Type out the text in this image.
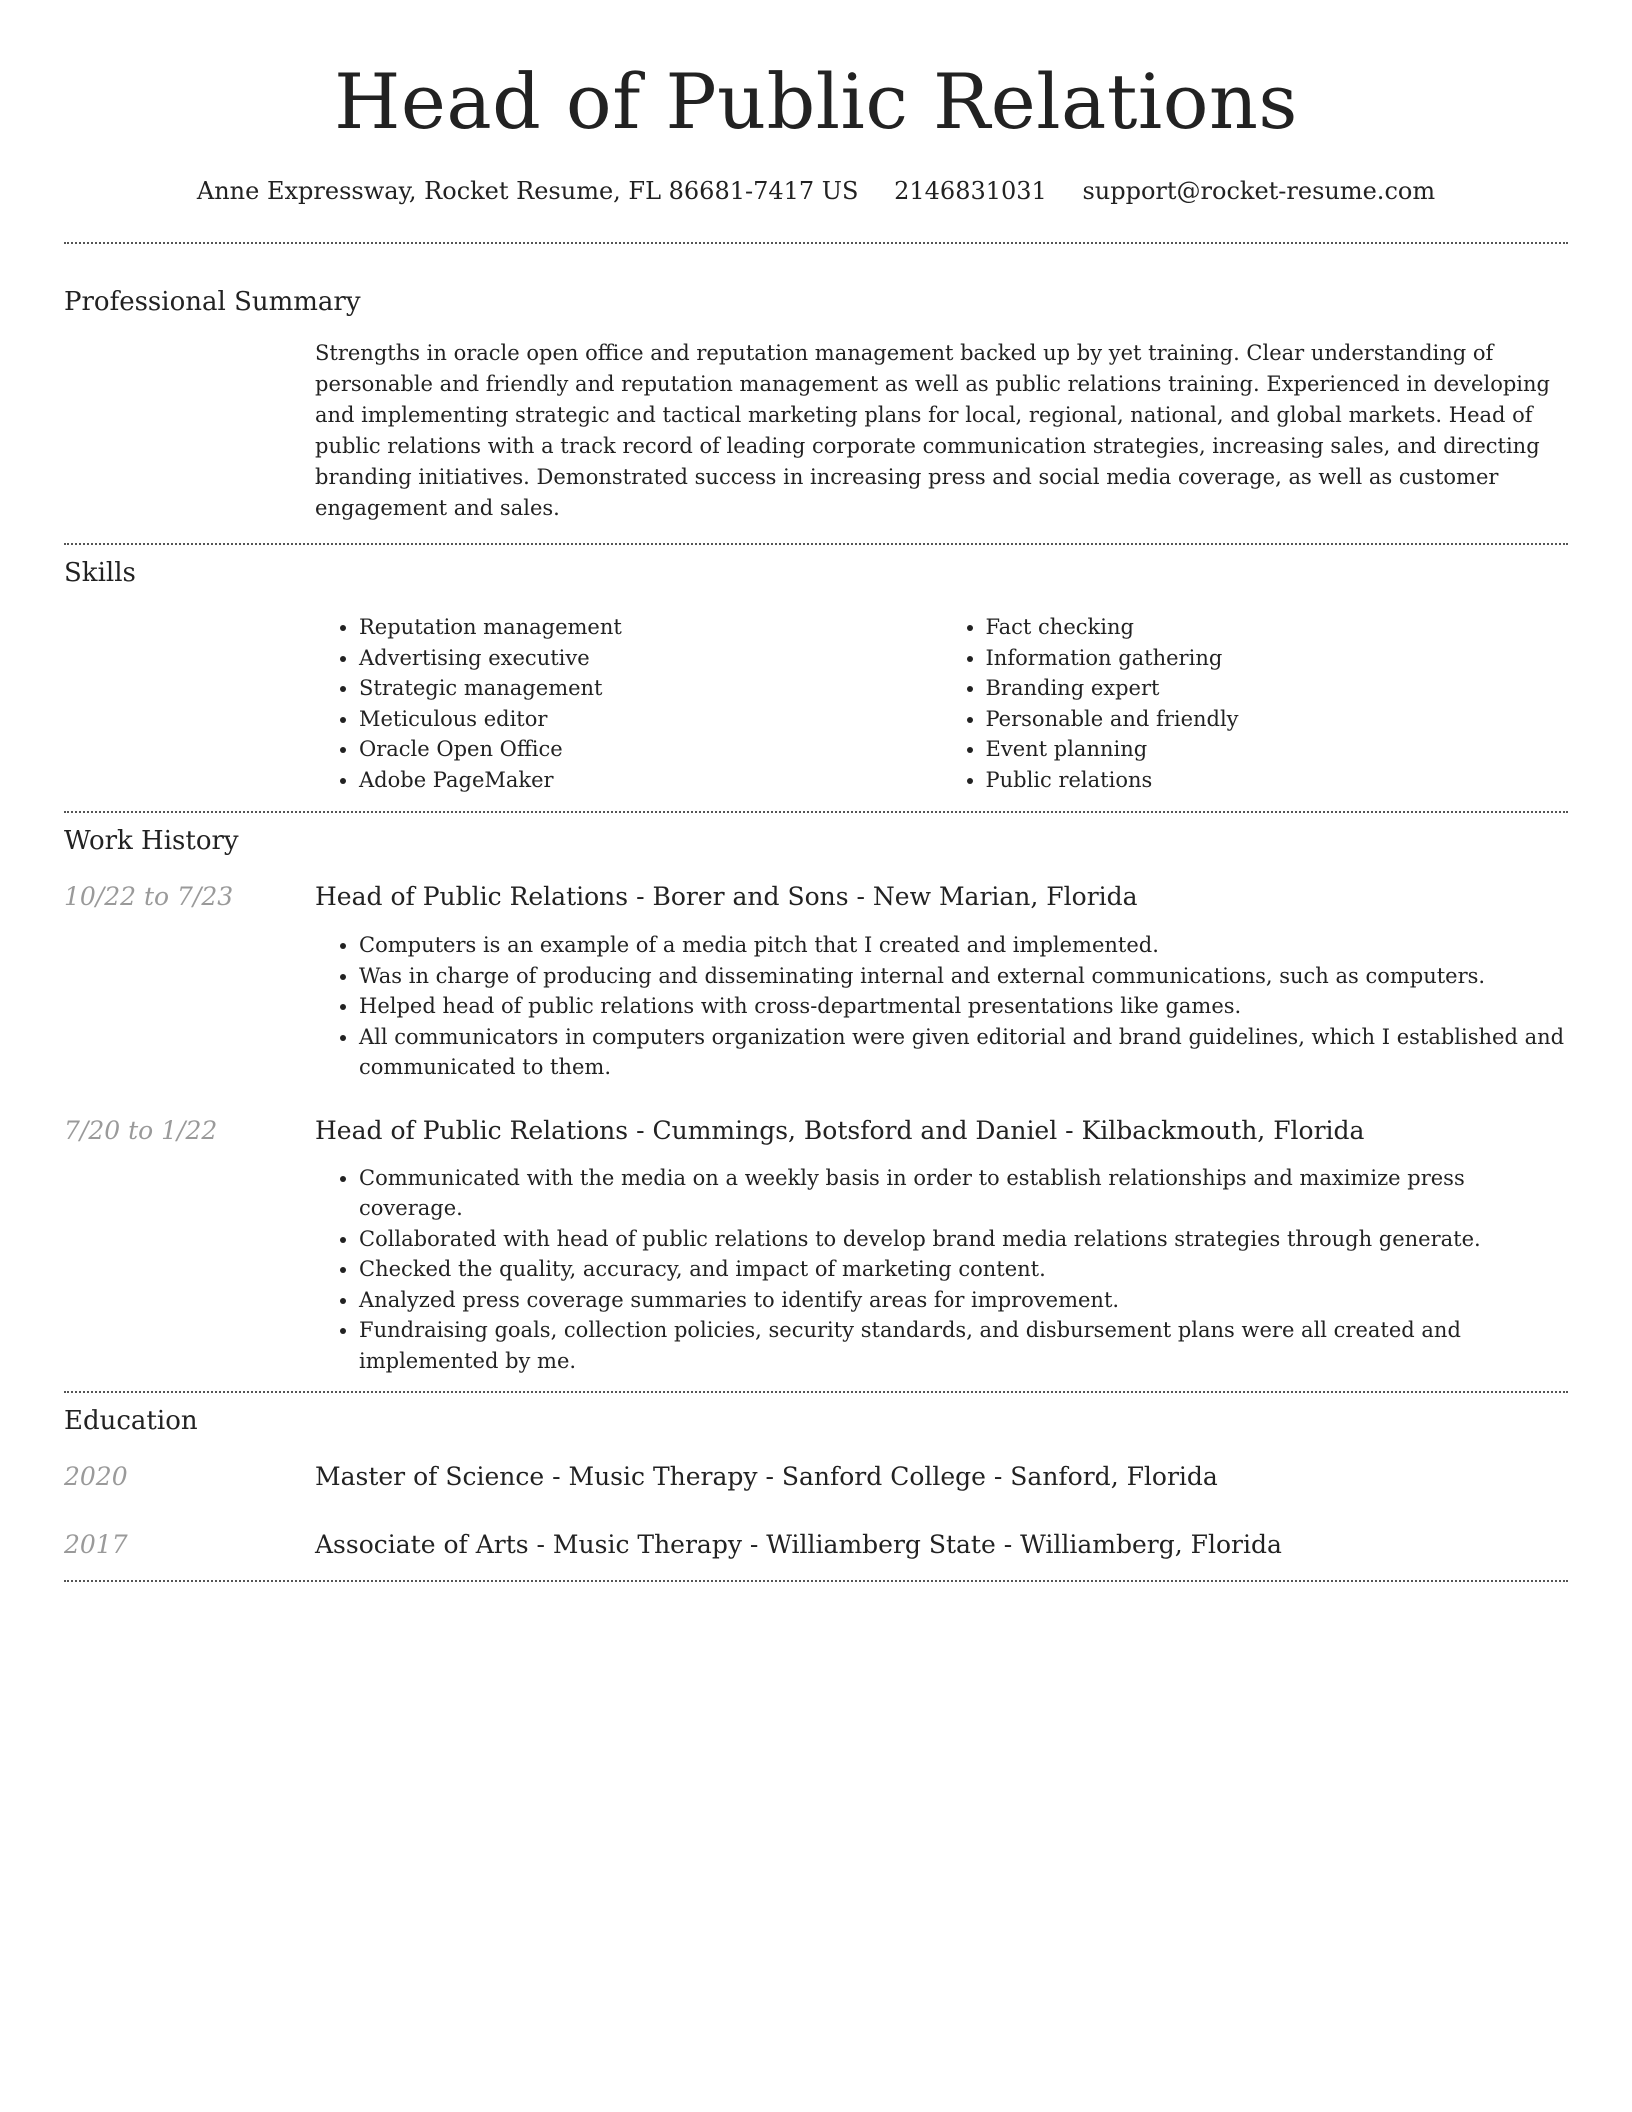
Head of Public Relations
Anne Expressway, Rocket Resume, FL 86681-7417 US 2146831031 support@rocket-resume.com
Professional Summary
Strengths in oracle open office and reputation management backed up by yet training. Clear understanding of personable and friendly and reputation management as well as public relations training. Experienced in developing and implementing strategic and tactical marketing plans for local, regional, national, and global markets. Head of public relations with a track record of leading corporate communication strategies, increasing sales, and directing branding initiatives. Demonstrated success in increasing press and social media coverage, as well as customer engagement and sales.
Skills
• Reputation management
• Advertising executive
• Strategic management
• Meticulous editor
• Oracle Open Office
• Adobe PageMaker
• Fact checking
• Information gathering
• Branding expert
• Personable and friendly
• Event planning
• Public relations
Work History
10/22 to 7/23	Head of Public Relations - Borer and Sons - New Marian, Florida
• Computers is an example of a media pitch that I created and implemented.
• Was in charge of producing and disseminating internal and external communications, such as computers.
• Helped head of public relations with cross-departmental presentations like games.
• All communicators in computers organization were given editorial and brand guidelines, which I established and communicated to them.
7/20 to 1/22	Head of Public Relations - Cummings, Botsford and Daniel - Kilbackmouth, Florida
• Communicated with the media on a weekly basis in order to establish relationships and maximize press coverage.
• Collaborated with head of public relations to develop brand media relations strategies through generate.
• Checked the quality, accuracy, and impact of marketing content.
• Analyzed press coverage summaries to identify areas for improvement.
• Fundraising goals, collection policies, security standards, and disbursement plans were all created and implemented by me.
Education
2020	Master of Science - Music Therapy - Sanford College - Sanford, Florida
2017	Associate of Arts - Music Therapy - Williamberg State - Williamberg, Florida
